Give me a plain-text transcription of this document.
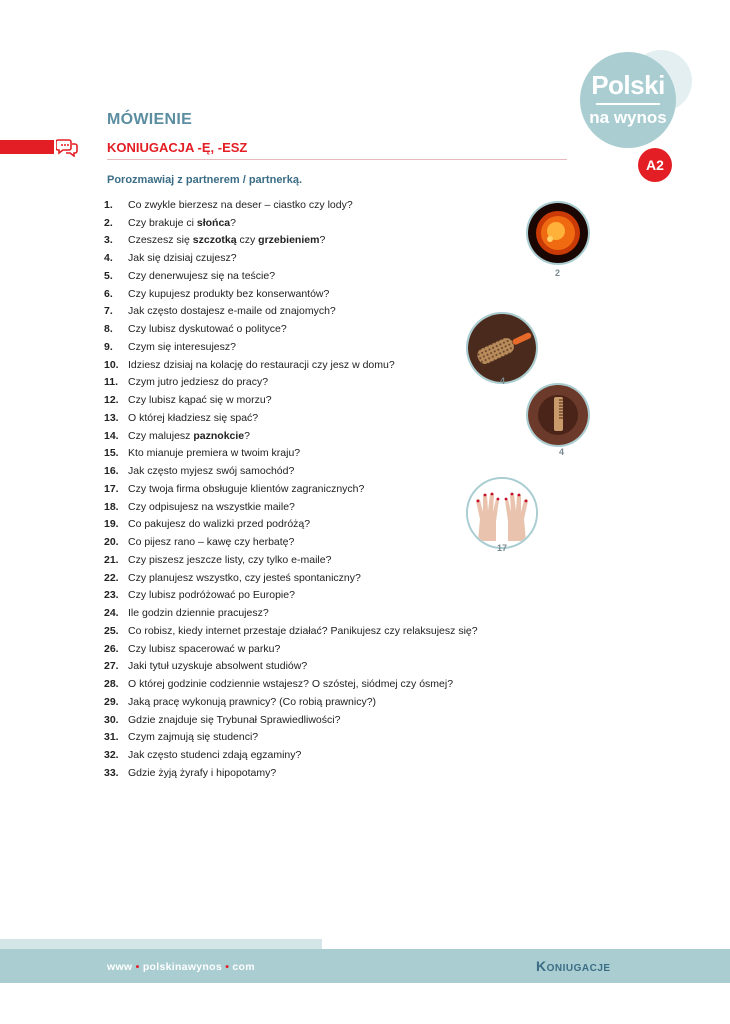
Polski
na wynos
A2
MÓWIENIE
KONIUGACJA -Ę, -ESZ
Porozmawiaj z partnerem / partnerką.
1.	Co zwykle bierzesz na deser – ciastko czy lody?
2.	Czy brakuje ci słońca?
3.	Czeszesz się szczotką czy grzebieniem?
4.	Jak się dzisiaj czujesz?
5.	Czy denerwujesz się na teście?
6.	Czy kupujesz produkty bez konserwantów?
7.	Jak często dostajesz e-maile od znajomych?
8.	Czy lubisz dyskutować o polityce?
9.	Czym się interesujesz?
10. Idziesz dzisiaj na kolację do restauracji czy jesz w domu?
11. Czym jutro jedziesz do pracy?
12. Czy lubisz kąpać się w morzu?
13. O której kładziesz się spać?
14. Czy malujesz paznokcie?
15. Kto mianuje premiera w twoim kraju?
16. Jak często myjesz swój samochód?
17. Czy twoja firma obsługuje klientów zagranicznych?
18. Czy odpisujesz na wszystkie maile?
19. Co pakujesz do walizki przed podróżą?
20. Co pijesz rano – kawę czy herbatę?
21. Czy piszesz jeszcze listy, czy tylko e-maile?
22. Czy planujesz wszystko, czy jesteś spontaniczny?
23. Czy lubisz podróżować po Europie?
24. Ile godzin dziennie pracujesz?
25. Co robisz, kiedy internet przestaje działać? Panikujesz czy relaksujesz się?
26. Czy lubisz spacerować w parku?
27. Jaki tytuł uzyskuje absolwent studiów?
28. O której godzinie codziennie wstajesz? O szóstej, siódmej czy ósmej?
29. Jaką pracę wykonują prawnicy? (Co robią prawnicy?)
30. Gdzie znajduje się Trybunał Sprawiedliwości?
31. Czym zajmują się studenci?
32. Jak często studenci zdają egzaminy?
33. Gdzie żyją żyrafy i hipopotamy?
2
4
4
17
www • polskinawynos • com	Koniugacje
